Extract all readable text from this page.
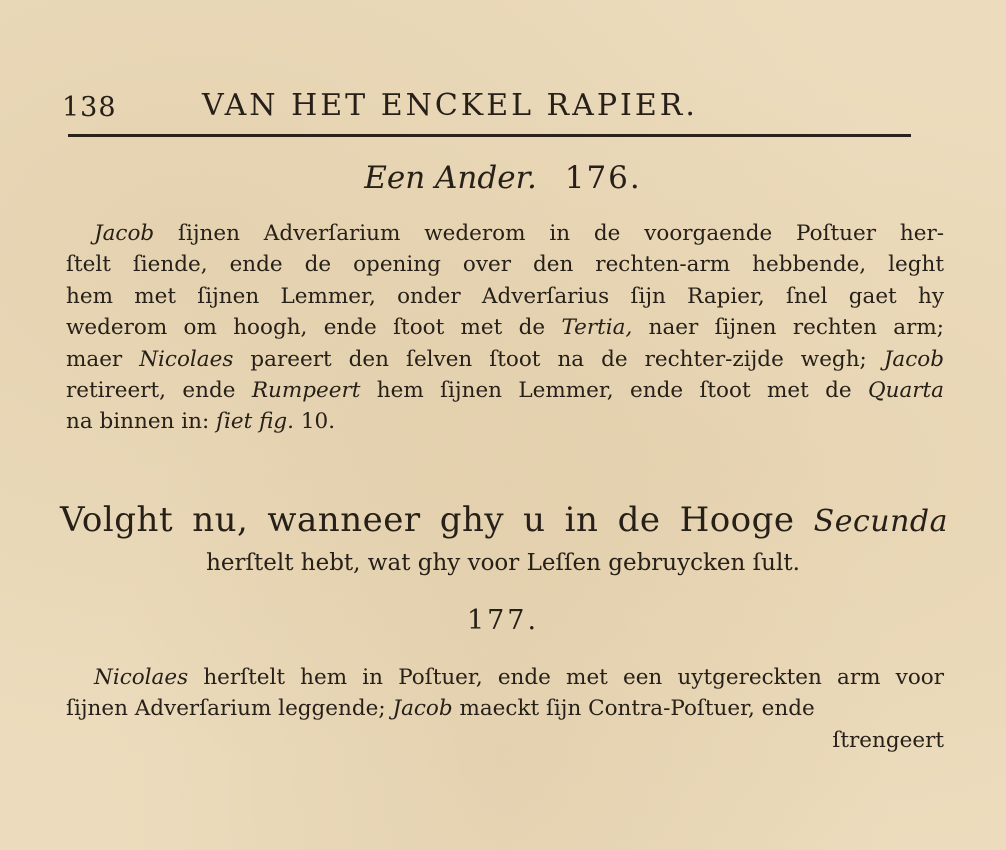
138	VAN HET ENCKEL RAPIER.
Een Ander. 176.
Jacob ſijnen Adverſarium wederom in de voorgaende Poſtuer her-
ſtelt ſiende, ende de opening over den rechten-arm hebbende, leght
hem met ſijnen Lemmer, onder Adverſarius ſijn Rapier, ſnel gaet hy
wederom om hoogh, ende ſtoot met de Tertia, naer ſijnen rechten arm;
maer Nicolaes pareert den ſelven ſtoot na de rechter-zijde wegh; Jacob
retireert, ende Rumpeert hem ſijnen Lemmer, ende ſtoot met de Quarta
na binnen in: ſiet fig. 10.
Volght nu, wanneer ghy u in de Hooge Secunda
herſtelt hebt, wat ghy voor Leſſen gebruycken ſult.
177.
Nicolaes herſtelt hem in Poſtuer, ende met een uytgereckten arm voor
ſijnen Adverſarium leggende; Jacob maeckt ſijn Contra-Poſtuer, ende
ſtrengeert
